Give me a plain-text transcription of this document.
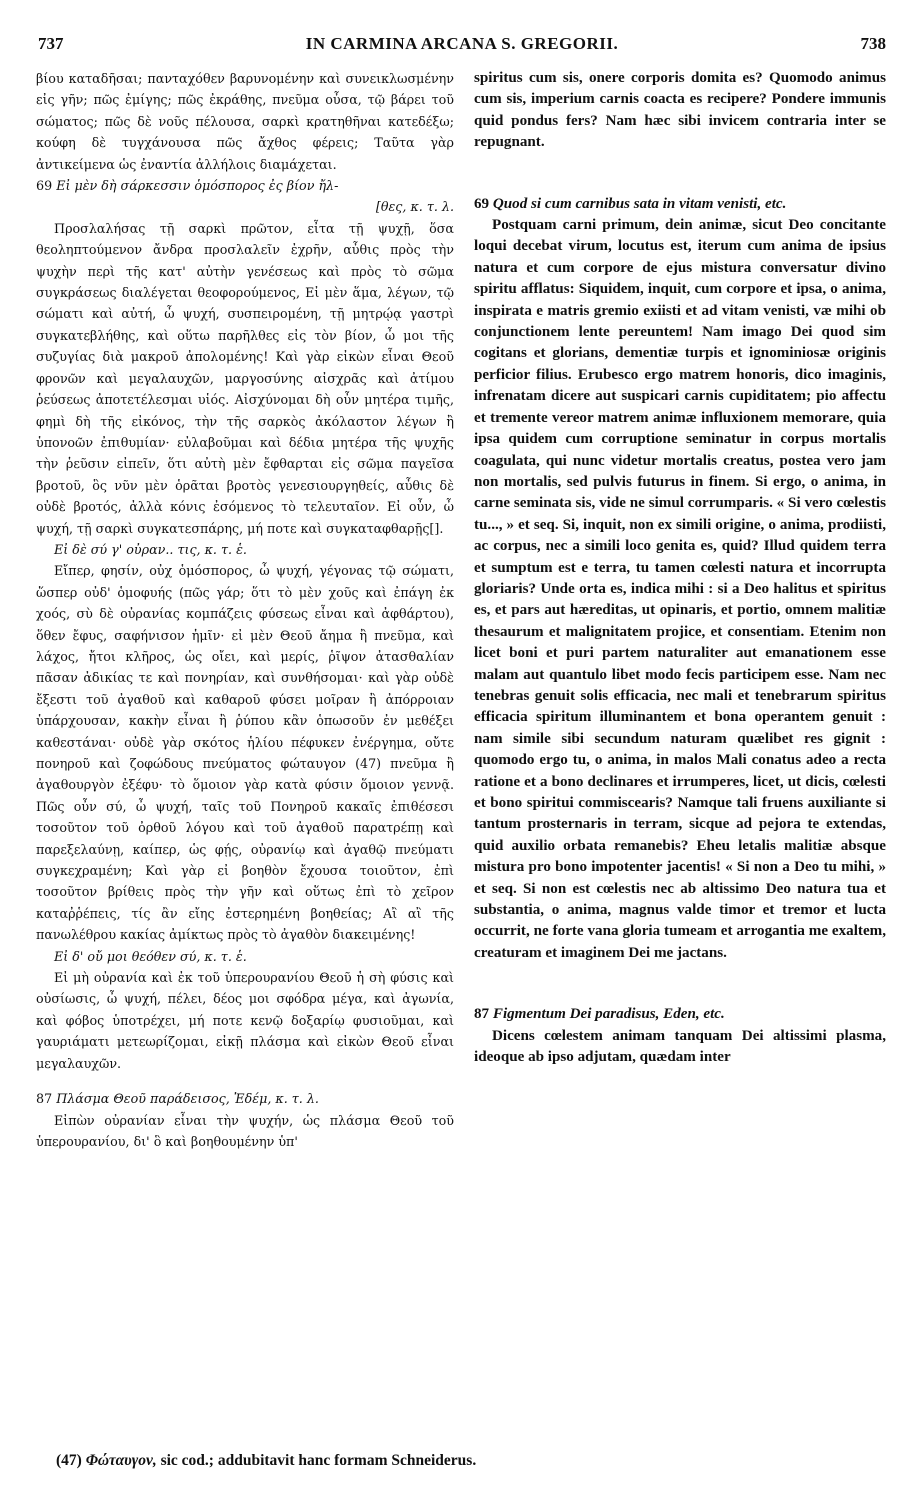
737	IN CARMINA ARCANA S. GREGORII.	738

βίου καταδῆσαι; πανταχόθεν βαρυνομένην καὶ συνεικλωσμένην εἰς γῆν; πῶς ἐμίγης; πῶς ἐκράθης, πνεῦμα οὖσα, τῷ βάρει τοῦ σώματος; πῶς δὲ νοῦς πέλουσα, σαρκὶ κρατηθῆναι κατεδέξω; κούφη δὲ τυγχάνουσα πῶς ἄχθος φέρεις; Ταῦτα γὰρ ἀντικείμενα ὡς ἐναντία ἀλλήλοις διαμάχεται.

69 Εἰ μὲν δὴ σάρκεσσιν ὁμόσπορος ἐς βίον ἤλ-
[θες, κ. τ. λ.

Προσλαλήσας τῇ σαρκὶ πρῶτον, εἶτα τῇ ψυχῇ, ὅσα θεοληπτούμενον ἄνδρα προσλαλεῖν ἐχρῆν, αὖθις πρὸς τὴν ψυχὴν περὶ τῆς κατ' αὐτὴν γενέσεως καὶ πρὸς τὸ σῶμα συγκράσεως διαλέγεται θεοφορούμενος, Εἰ μὲν ἅμα, λέγων, τῷ σώματι καὶ αὐτή, ὦ ψυχή, συσπειρομένη, τῇ μητρῴᾳ γαστρὶ συγκατεβλήθης, καὶ οὕτω παρῆλθες εἰς τὸν βίον, ὦ μοι τῆς συζυγίας διὰ μακροῦ ἀπολομένης! Καὶ γὰρ εἰκὼν εἶναι Θεοῦ φρονῶν καὶ μεγαλαυχῶν, μαργοσύνης αἰσχρᾶς καὶ ἀτίμου ῥεύσεως ἀποτετέλεσμαι υἱός. Αἰσχύνομαι δὴ οὖν μητέρα τιμῆς, φημὶ δὴ τῆς εἰκόνος, τὴν τῆς σαρκὸς ἀκόλαστον λέγων ἢ ὑπονοῶν ἐπιθυμίαν· εὐλαβοῦμαι καὶ δέδια μητέρα τῆς ψυχῆς τὴν ῥεῦσιν εἰπεῖν, ὅτι αὐτὴ μὲν ἔφθαρται εἰς σῶμα παγεῖσα βροτοῦ, ὃς νῦν μὲν ὁρᾶται βροτὸς γενεσιουργηθείς, αὖθις δὲ οὐδὲ βροτός, ἀλλὰ κόνις ἐσόμενος τὸ τελευταῖον. Εἰ οὖν, ὦ ψυχή, τῇ σαρκὶ συγκατεσπάρης, μή ποτε καὶ συγκαταφθαρῇς[].

Εἰ δὲ σύ γ' οὐραν.. τις, κ. τ. ἑ.

Εἴπερ, φησίν, οὐχ ὁμόσπορος, ὦ ψυχή, γέγονας τῷ σώματι, ὥσπερ οὐδ' ὁμοφυής (πῶς γάρ; ὅτι τὸ μὲν χοῦς καὶ ἐπάγη ἐκ χοός, σὺ δὲ οὐρανίας κομπάζεις φύσεως εἶναι καὶ ἀφθάρτου), ὅθεν ἔφυς, σαφήνισον ἡμῖν· εἰ μὲν Θεοῦ ἄημα ἢ πνεῦμα, καὶ λάχος, ἤτοι κλῆρος, ὡς οἴει, καὶ μερίς, ῥῖψον ἀτασθαλίαν πᾶσαν ἀδικίας τε καὶ πονηρίαν, καὶ συνθήσομαι· καὶ γὰρ οὐδὲ ἔξεστι τοῦ ἀγαθοῦ καὶ καθαροῦ φύσει μοῖραν ἢ ἀπόρροιαν ὑπάρχουσαν, κακὴν εἶναι ἢ ῥύπου κἂν ὁπωσοῦν ἐν μεθέξει καθεστάναι· οὐδὲ γὰρ σκότος ἡλίου πέφυκεν ἐνέργημα, οὔτε πονηροῦ καὶ ζοφώδους πνεύματος φώταυγον (47) πνεῦμα ἢ ἀγαθουργὸν ἐξέφυ· τὸ ὅμοιον γὰρ κατὰ φύσιν ὅμοιον γεννᾷ. Πῶς οὖν σύ, ὦ ψυχή, ταῖς τοῦ Πονηροῦ κακαῖς ἐπιθέσεσι τοσοῦτον τοῦ ὀρθοῦ λόγου καὶ τοῦ ἀγαθοῦ παρατρέπῃ καὶ παρεξελαύνῃ, καίπερ, ὡς φῄς, οὐρανίῳ καὶ ἀγαθῷ πνεύματι συγκεχραμένη; Καὶ γὰρ εἰ βοηθὸν ἔχουσα τοιοῦτον, ἐπὶ τοσοῦτον βρίθεις πρὸς τὴν γῆν καὶ οὕτως ἐπὶ τὸ χεῖρον καταῤῥέπεις, τίς ἂν εἴης ἐστερημένη βοηθείας; Αἲ αἲ τῆς πανωλέθρου κακίας ἀμίκτως πρὸς τὸ ἀγαθὸν διακειμένης!

Εἰ δ' οὔ μοι θεόθεν σύ, κ. τ. ἑ.

Εἰ μὴ οὐρανία καὶ ἐκ τοῦ ὑπερουρανίου Θεοῦ ἡ σὴ φύσις καὶ οὐσίωσις, ὦ ψυχή, πέλει, δέος μοι σφόδρα μέγα, καὶ ἀγωνία, καὶ φόβος ὑποτρέχει, μή ποτε κενῷ δοξαρίῳ φυσιοῦμαι, καὶ γαυριάματι μετεωρίζομαι, εἰκῇ πλάσμα καὶ εἰκὼν Θεοῦ εἶναι μεγαλαυχῶν.

87 Πλάσμα Θεοῦ παράδεισος, Ἐδέμ, κ. τ. λ.

Εἰπὼν οὐρανίαν εἶναι τὴν ψυχήν, ὡς πλάσμα Θεοῦ τοῦ ὑπερουρανίου, δι' ὃ καὶ βοηθουμένην ὑπ'

spiritus cum sis, onere corporis domita es? Quomodo animus cum sis, imperium carnis coacta es recipere? Pondere immunis quid pondus fers? Nam hæc sibi invicem contraria inter se repugnant.

69 Quod si cum carnibus sata in vitam venisti, etc.

Postquam carni primum, dein animæ, sicut Deo concitante loqui decebat virum, locutus est, iterum cum anima de ipsius natura et cum corpore de ejus mistura conversatur divino spiritu afflatus: Siquidem, inquit, cum corpore et ipsa, o anima, inspirata e matris gremio exiisti et ad vitam venisti, væ mihi ob conjunctionem lente pereuntem! Nam imago Dei quod sim cogitans et glorians, dementiæ turpis et ignominiosæ originis perficior filius. Erubesco ergo matrem honoris, dico imaginis, infrenatam dicere aut suspicari carnis cupiditatem; pio affectu et tremente vereor matrem animæ influxionem memorare, quia ipsa quidem cum corruptione seminatur in corpus mortalis coagulata, qui nunc videtur mortalis creatus, postea vero jam non mortalis, sed pulvis futurus in finem. Si ergo, o anima, in carne seminata sis, vide ne simul corrumparis. « Si vero cœlestis tu..., » et seq. Si, inquit, non ex simili origine, o anima, prodiisti, ac corpus, nec a simili loco genita es, quid? Illud quidem terra et sumptum est e terra, tu tamen cœlesti natura et incorrupta gloriaris? Unde orta es, indica mihi : si a Deo halitus et spiritus es, et pars aut hæreditas, ut opinaris, et portio, omnem malitiæ thesaurum et malignitatem projice, et consentiam. Etenim non licet boni et puri partem naturaliter aut emanationem esse malam aut quantulo libet modo fecis participem esse. Nam nec tenebras genuit solis efficacia, nec mali et tenebrarum spiritus efficacia spiritum illuminantem et bona operantem genuit : nam simile sibi secundum naturam quælibet res gignit : quomodo ergo tu, o anima, in malos Mali conatus adeo a recta ratione et a bono declinares et irrumperes, licet, ut dicis, cœlesti et bono spiritui commiscearis? Namque tali fruens auxiliante si tantum prosternaris in terram, sicque ad pejora te extendas, quid auxilio orbata remanebis? Eheu letalis malitiæ absque mistura pro bono impotenter jacentis! « Si non a Deo tu mihi, » et seq. Si non est cœlestis nec ab altissimo Deo natura tua et substantia, o anima, magnus valde timor et tremor et lucta occurrit, ne forte vana gloria tumeam et arrogantia me exaltem, creaturam et imaginem Dei me jactans.

87 Figmentum Dei paradisus, Eden, etc.

Dicens cœlestem animam tanquam Dei altissimi plasma, ideoque ab ipso adjutam, quædam inter

(47) Φώταυγον, sic cod.; addubitavit hanc formam Schneiderus.
